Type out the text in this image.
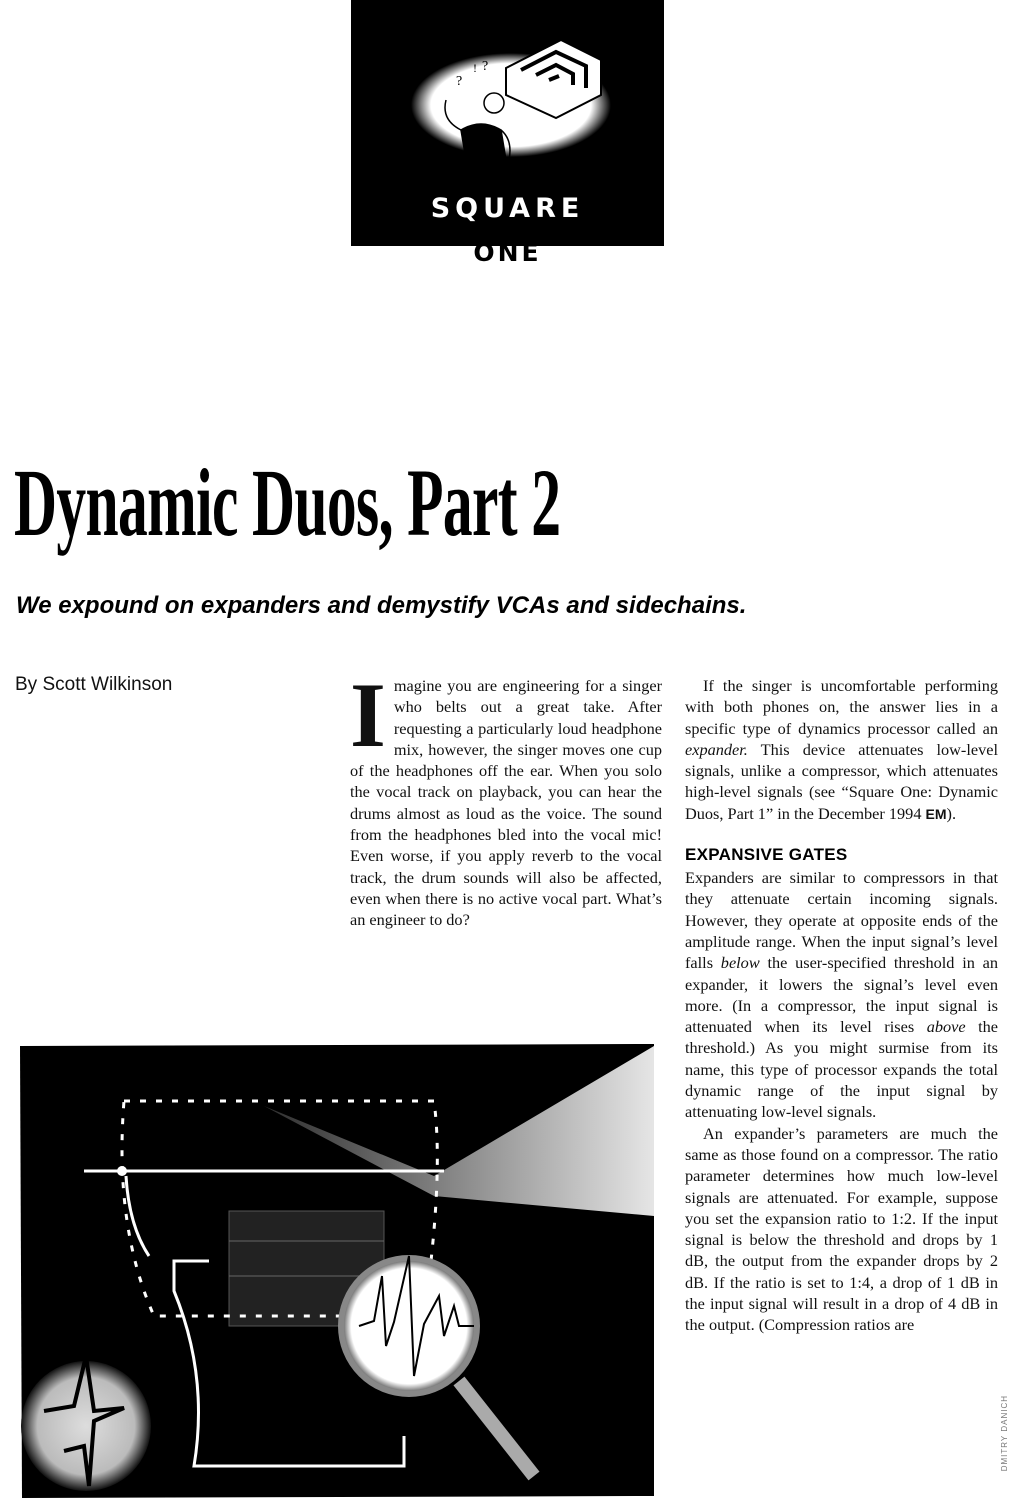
?
! ?
SQUARE
ONE
Dynamic Duos, Part 2
We expound on expanders and demystify VCAs and sidechains.
By Scott Wilkinson Imagine you are engineering for a singer who belts out a great take. After requesting a particularly loud headphone mix, however, the singer moves one cup of the headphones off the ear. When you solo the vocal track on playback, you can hear the drums almost as loud as the voice. The sound from the headphones bled into the vocal mic! Even worse, if you apply reverb to the vocal track, the drum sounds will also be affected, even when there is no active vocal part. What’s an engineer to do?

If the singer is uncomfortable performing with both phones on, the answer lies in a specific type of dynamics processor called an expander. This device attenuates low-level signals, unlike a compressor, which attenuates high-level signals (see “Square One: Dynamic Duos, Part 1” in the December 1994 EM).

EXPANSIVE GATES

Expanders are similar to compressors in that they attenuate certain incoming signals. However, they operate at opposite ends of the amplitude range. When the input signal’s level falls below the user-specified threshold in an expander, it lowers the signal’s level even more. (In a compressor, the input signal is attenuated when its level rises above the threshold.) As you might surmise from its name, this type of processor expands the total dynamic range of the input signal by attenuating low-level signals.

An expander’s parameters are much the same as those found on a compressor. The ratio parameter determines how much low-level signals are attenuated. For example, suppose you set the expansion ratio to 1:2. If the input signal is below the threshold and drops by 1 dB, the output from the expander drops by 2 dB. If the ratio is set to 1:4, a drop of 1 dB in the input signal will result in a drop of 4 dB in the output. (Compression ratios are

DMITRY DANICH
